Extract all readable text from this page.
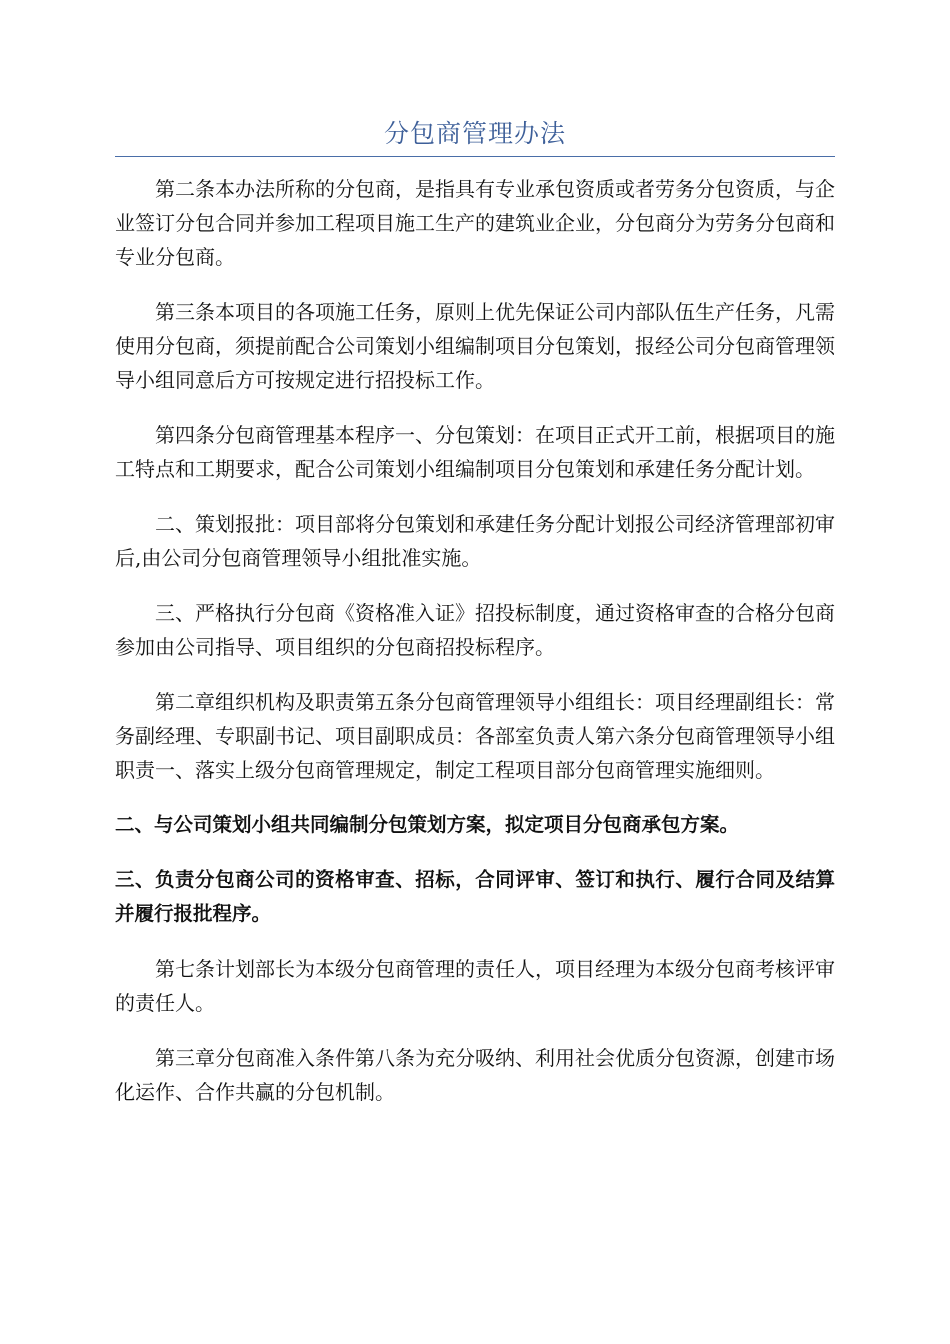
分包商管理办法

第二条本办法所称的分包商，是指具有专业承包资质或者劳务分包资质，与企业签订分包合同并参加工程项目施工生产的建筑业企业，分包商分为劳务分包商和专业分包商。

第三条本项目的各项施工任务，原则上优先保证公司内部队伍生产任务，凡需使用分包商，须提前配合公司策划小组编制项目分包策划，报经公司分包商管理领导小组同意后方可按规定进行招投标工作。

第四条分包商管理基本程序一、分包策划：在项目正式开工前，根据项目的施工特点和工期要求，配合公司策划小组编制项目分包策划和承建任务分配计划。

二、策划报批：项目部将分包策划和承建任务分配计划报公司经济管理部初审后,由公司分包商管理领导小组批准实施。

三、严格执行分包商《资格准入证》招投标制度，通过资格审查的合格分包商参加由公司指导、项目组织的分包商招投标程序。

第二章组织机构及职责第五条分包商管理领导小组组长：项目经理副组长：常务副经理、专职副书记、项目副职成员：各部室负责人第六条分包商管理领导小组职责一、落实上级分包商管理规定，制定工程项目部分包商管理实施细则。

二、与公司策划小组共同编制分包策划方案，拟定项目分包商承包方案。

三、负责分包商公司的资格审查、招标，合同评审、签订和执行、履行合同及结算并履行报批程序。

第七条计划部长为本级分包商管理的责任人，项目经理为本级分包商考核评审的责任人。

第三章分包商准入条件第八条为充分吸纳、利用社会优质分包资源，创建市场化运作、合作共赢的分包机制。
